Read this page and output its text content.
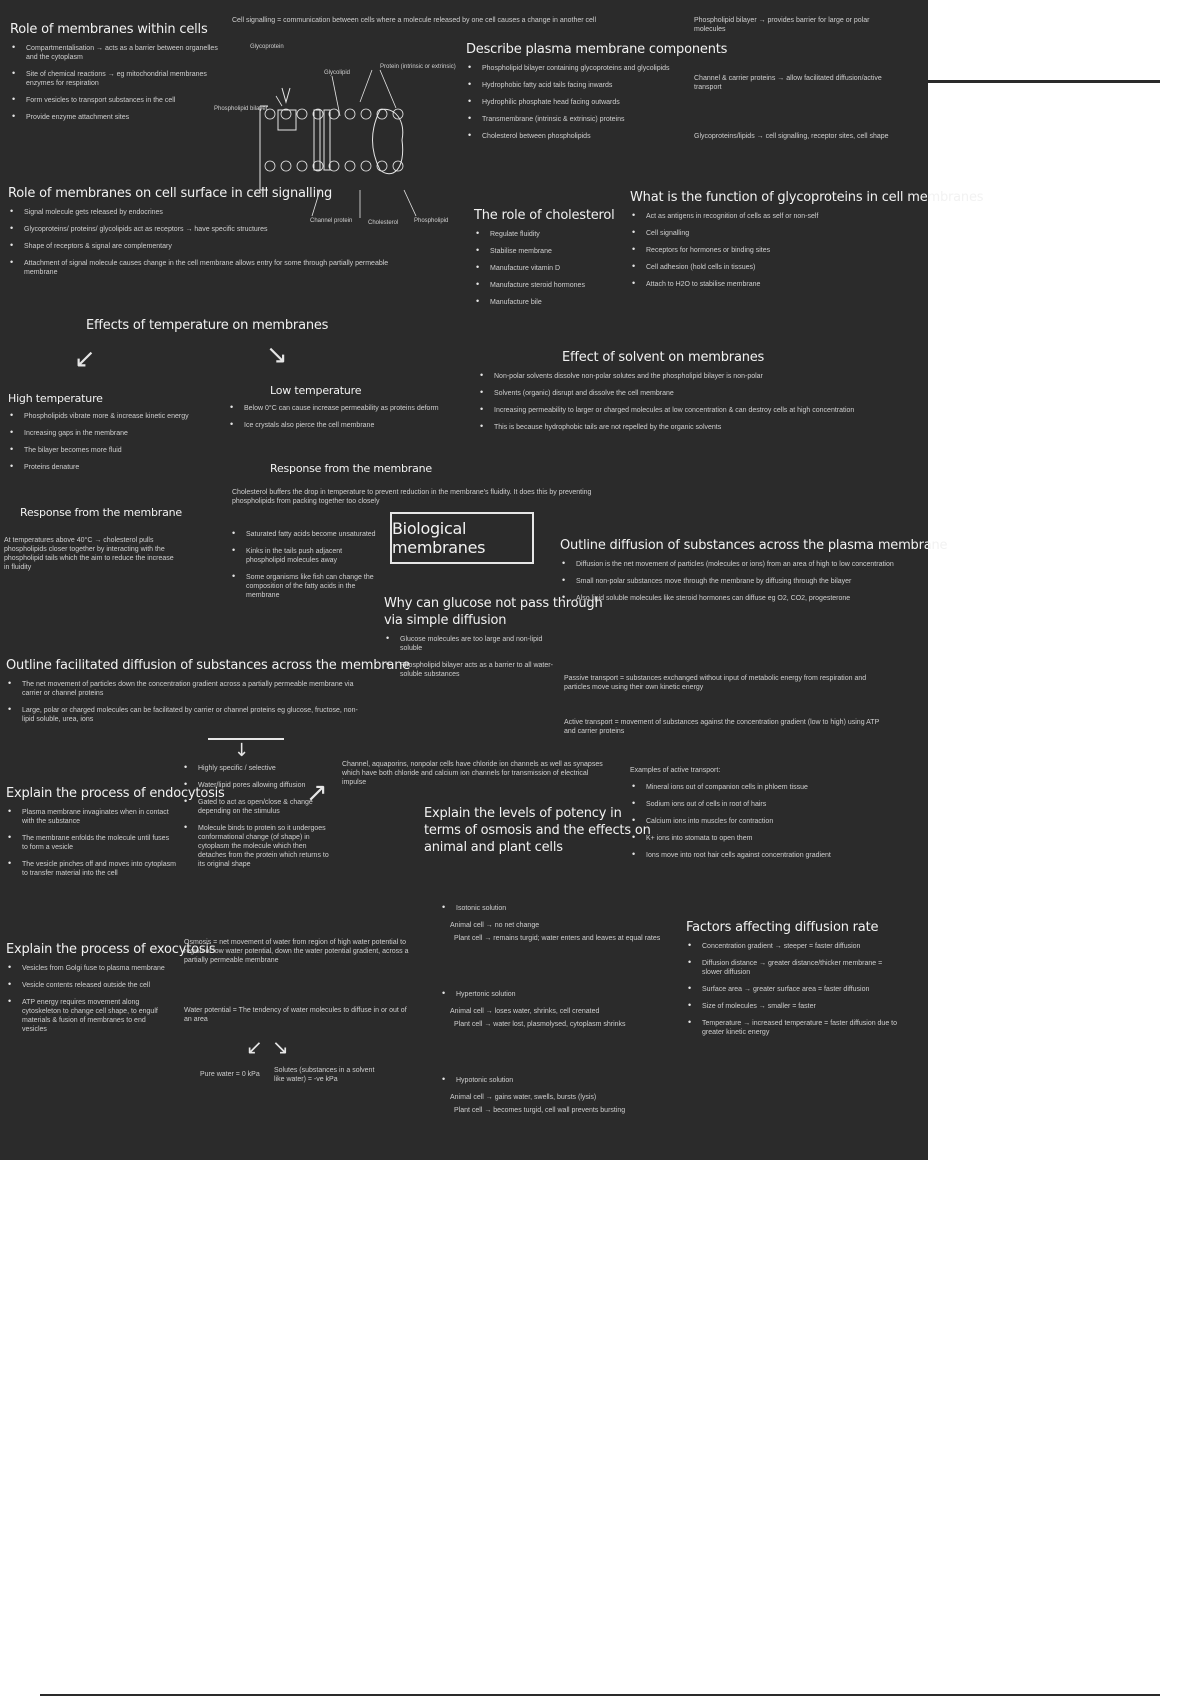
Cell signalling = communication between cells where a molecule released by one cell causes a change in another cell
Role of membranes within cells
• Compartmentalisation → acts as a barrier between organelles and the cytoplasm
• Site of chemical reactions → eg mitochondrial membranes enzymes for respiration
• Form vesicles to transport substances in the cell
• Provide enzyme attachment sites
Glycoprotein
Glycolipid
Protein (intrinsic or extrinsic)
Phospholipid bilayer
Channel protein	Cholesterol	Phospholipid
Describe plasma membrane components
• Phospholipid bilayer containing glycoproteins and glycolipids
• Hydrophobic fatty acid tails facing inwards
• Hydrophilic phosphate head facing outwards
• Transmembrane (intrinsic & extrinsic) proteins
• Cholesterol between phospholipids
Phospholipid bilayer → provides barrier for large or polar molecules
Channel & carrier proteins → allow facilitated diffusion/active transport
Glycoproteins/lipids → cell signalling, receptor sites, cell shape
Role of membranes on cell surface in cell signalling
• Signal molecule gets released by endocrines
• Glycoproteins/ proteins/ glycolipids act as receptors → have specific structures
• Shape of receptors & signal are complementary
• Attachment of signal molecule causes change in the cell membrane allows entry for some through partially permeable membrane
The role of cholesterol
• Regulate fluidity
• Stabilise membrane
• Manufacture vitamin D
• Manufacture steroid hormones
• Manufacture bile
What is the function of glycoproteins in cell membranes
• Act as antigens in recognition of cells as self or non-self
• Cell signalling
• Receptors for hormones or binding sites
• Cell adhesion (hold cells in tissues)
• Attach to H2O to stabilise membrane
Effects of temperature on membranes
↙	↘
High temperature
• Phospholipids vibrate more & increase kinetic energy
• Increasing gaps in the membrane
• The bilayer becomes more fluid
• Proteins denature
Response from the membrane
At temperatures above 40°C → cholesterol pulls phospholipids closer together by interacting with the phospholipid tails which the aim to reduce the increase in fluidity
Low temperature
• Below 0°C can cause increase permeability as proteins deform
• Ice crystals also pierce the cell membrane
Response from the membrane
Cholesterol buffers the drop in temperature to prevent reduction in the membrane's fluidity. It does this by preventing phospholipids from packing together too closely
• Saturated fatty acids become unsaturated
• Kinks in the tails push adjacent phospholipid molecules away
• Some organisms like fish can change the composition of the fatty acids in the membrane
Effect of solvent on membranes
• Non-polar solvents dissolve non-polar solutes and the phospholipid bilayer is non-polar
• Solvents (organic) disrupt and dissolve the cell membrane
• Increasing permeability to larger or charged molecules at low concentration & can destroy cells at high concentration
• This is because hydrophobic tails are not repelled by the organic solvents
Biological membranes	Outline diffusion of substances across the plasma membrane
• Diffusion is the net movement of particles (molecules or ions) from an area of high to low concentration
• Small non-polar substances move through the membrane by diffusing through the bilayer
• Also lipid soluble molecules like steroid hormones can diffuse eg O2, CO2, progesterone
Passive transport = substances exchanged without input of metabolic energy from respiration and particles move using their own kinetic energy
Active transport = movement of substances against the concentration gradient (low to high) using ATP and carrier proteins
Why can glucose not pass through
via simple diffusion
• Glucose molecules are too large and non-lipid soluble
• Phospholipid bilayer acts as a barrier to all water-soluble substances
Outline facilitated diffusion of substances across the membrane
• The net movement of particles down the concentration gradient across a partially permeable membrane via carrier or channel proteins
• Large, polar or charged molecules can be facilitated by carrier or channel proteins eg glucose, fructose, non-lipid soluble, urea, ions
↓
• Highly specific / selective
• Water/lipid pores allowing diffusion
• Gated to act as open/close & change depending on the stimulus
• Molecule binds to protein so it undergoes conformational change (of shape) in cytoplasm the molecule which then detaches from the protein which returns to its original shape
↗
Channel, aquaporins, nonpolar cells have chloride ion channels as well as synapses which have both chloride and calcium ion channels for transmission of electrical impulse
Explain the process of endocytosis
• Plasma membrane invaginates when in contact with the substance
• The membrane enfolds the molecule until fuses to form a vesicle
• The vesicle pinches off and moves into cytoplasm to transfer material into the cell
Explain the process of exocytosis
• Vesicles from Golgi fuse to plasma membrane
• Vesicle contents released outside the cell
• ATP energy requires movement along cytoskeleton to change cell shape, to engulf materials & fusion of membranes to end vesicles
Osmosis = net movement of water from region of high water potential to region of low water potential, down the water potential gradient, across a partially permeable membrane
Water potential = The tendency of water molecules to diffuse in or out of an area
↙ ↘
Pure water = 0 kPa
Solutes (substances in a solvent like water) = -ve kPa
Explain the levels of potency in
terms of osmosis and the effects on
animal and plant cells
• Isotonic solution
Animal cell → no net change
Plant cell → remains turgid; water enters and leaves at equal rates
• Hypertonic solution
Animal cell → loses water, shrinks, cell crenated
Plant cell → water lost, plasmolysed, cytoplasm shrinks
• Hypotonic solution
Animal cell → gains water, swells, bursts (lysis)
Plant cell → becomes turgid, cell wall prevents bursting
Examples of active transport:
• Mineral ions out of companion cells in phloem tissue
• Sodium ions out of cells in root of hairs
• Calcium ions into muscles for contraction
• K+ ions into stomata to open them
• Ions move into root hair cells against concentration gradient
Factors affecting diffusion rate
• Concentration gradient → steeper = faster diffusion
• Diffusion distance → greater distance/thicker membrane = slower diffusion
• Surface area → greater surface area = faster diffusion
• Size of molecules → smaller = faster
• Temperature → increased temperature = faster diffusion due to greater kinetic energy
